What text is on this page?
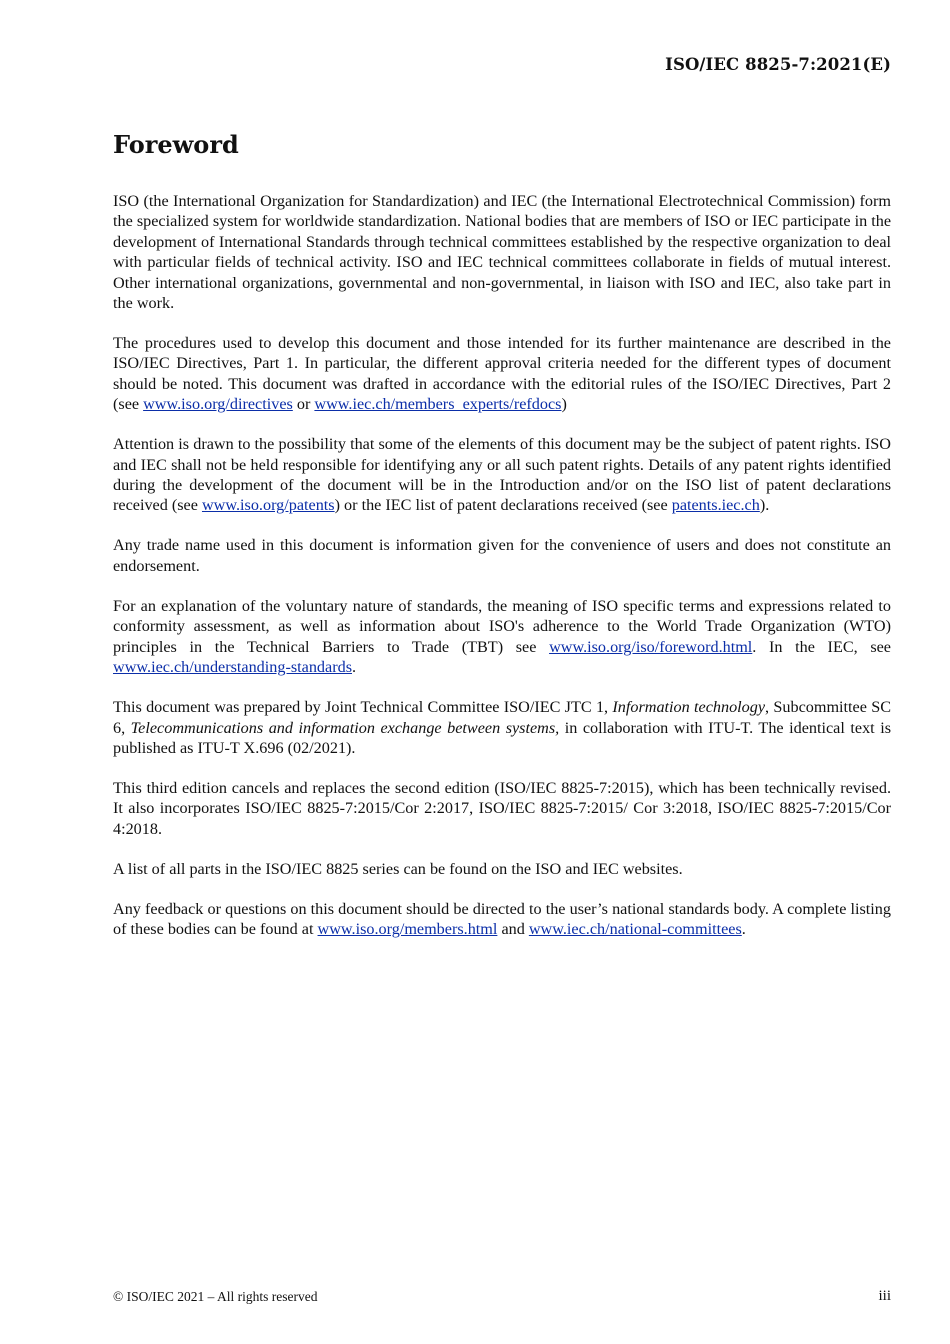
ISO/IEC 8825-7:2021(E)
Foreword

ISO (the International Organization for Standardization) and IEC (the International Electrotechnical Commission) form the specialized system for worldwide standardization. National bodies that are members of ISO or IEC participate in the development of International Standards through technical committees established by the respective organization to deal with particular fields of technical activity. ISO and IEC technical committees collaborate in fields of mutual interest. Other international organizations, governmental and non-governmental, in liaison with ISO and IEC, also take part in the work.

The procedures used to develop this document and those intended for its further maintenance are described in the ISO/IEC Directives, Part 1. In particular, the different approval criteria needed for the different types of document should be noted. This document was drafted in accordance with the editorial rules of the ISO/IEC Directives, Part 2 (see www.iso.org/directives or www.iec.ch/members_experts/refdocs)

Attention is drawn to the possibility that some of the elements of this document may be the subject of patent rights. ISO and IEC shall not be held responsible for identifying any or all such patent rights. Details of any patent rights identified during the development of the document will be in the Introduction and/or on the ISO list of patent declarations received (see www.iso.org/patents) or the IEC list of patent declarations received (see patents.iec.ch).

Any trade name used in this document is information given for the convenience of users and does not constitute an endorsement.

For an explanation of the voluntary nature of standards, the meaning of ISO specific terms and expressions related to conformity assessment, as well as information about ISO's adherence to the World Trade Organization (WTO) principles in the Technical Barriers to Trade (TBT) see www.iso.org/iso/foreword.html. In the IEC, see www.iec.ch/understanding-standards.

This document was prepared by Joint Technical Committee ISO/IEC JTC 1, Information technology, Subcommittee SC 6, Telecommunications and information exchange between systems, in collaboration with ITU-T. The identical text is published as ITU-T X.696 (02/2021).

This third edition cancels and replaces the second edition (ISO/IEC 8825-7:2015), which has been technically revised. It also incorporates ISO/IEC 8825-7:2015/Cor 2:2017, ISO/IEC 8825-7:2015/ Cor 3:2018, ISO/IEC 8825-7:2015/Cor 4:2018.

A list of all parts in the ISO/IEC 8825 series can be found on the ISO and IEC websites.

Any feedback or questions on this document should be directed to the user’s national standards body. A complete listing of these bodies can be found at www.iso.org/members.html and www.iec.ch/national-committees.

© ISO/IEC 2021 – All rights reserved	iii
